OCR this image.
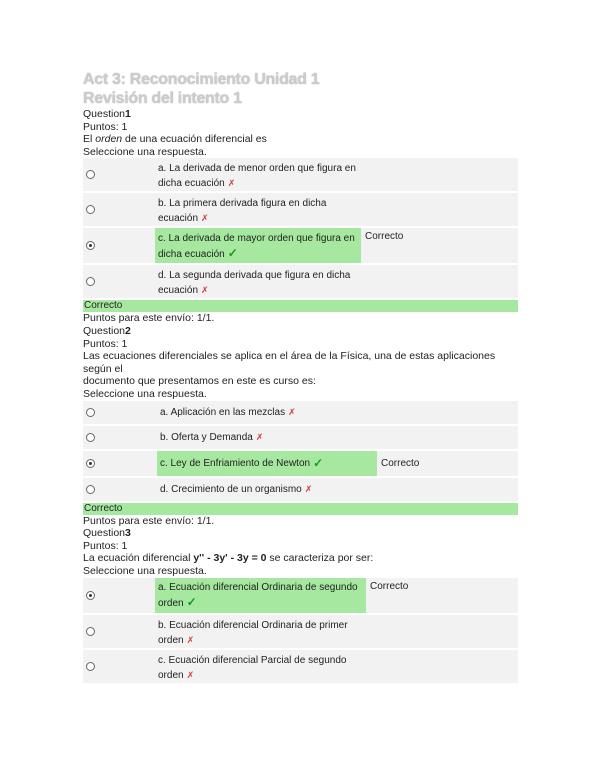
Act 3: Reconocimiento Unidad 1
Revisión del intento 1
Question1
Puntos: 1
El orden de una ecuación diferencial es
Seleccione una respuesta.
a. La derivada de menor orden que figura en
dicha ecuación ✗
b. La primera derivada figura en dicha
ecuación ✗
c. La derivada de mayor orden que figura en
dicha ecuación ✓
Correcto
d. La segunda derivada que figura en dicha
ecuación ✗
Correcto
Puntos para este envío: 1/1.
Question2
Puntos: 1
Las ecuaciones diferenciales se aplica en el área de la Física, una de estas aplicaciones según el
documento que presentamos en este es curso es:
Seleccione una respuesta.
a. Aplicación en las mezclas ✗
b. Oferta y Demanda ✗
c. Ley de Enfriamiento de Newton ✓	Correcto
d. Crecimiento de un organismo ✗
Correcto
Puntos para este envío: 1/1.
Question3
Puntos: 1
La ecuación diferencial y'' - 3y' - 3y = 0 se caracteriza por ser:
Seleccione una respuesta.
a. Ecuación diferencial Ordinaria de segundo
orden ✓
Correcto
b. Ecuación diferencial Ordinaria de primer
orden ✗
c. Ecuación diferencial Parcial de segundo
orden ✗
